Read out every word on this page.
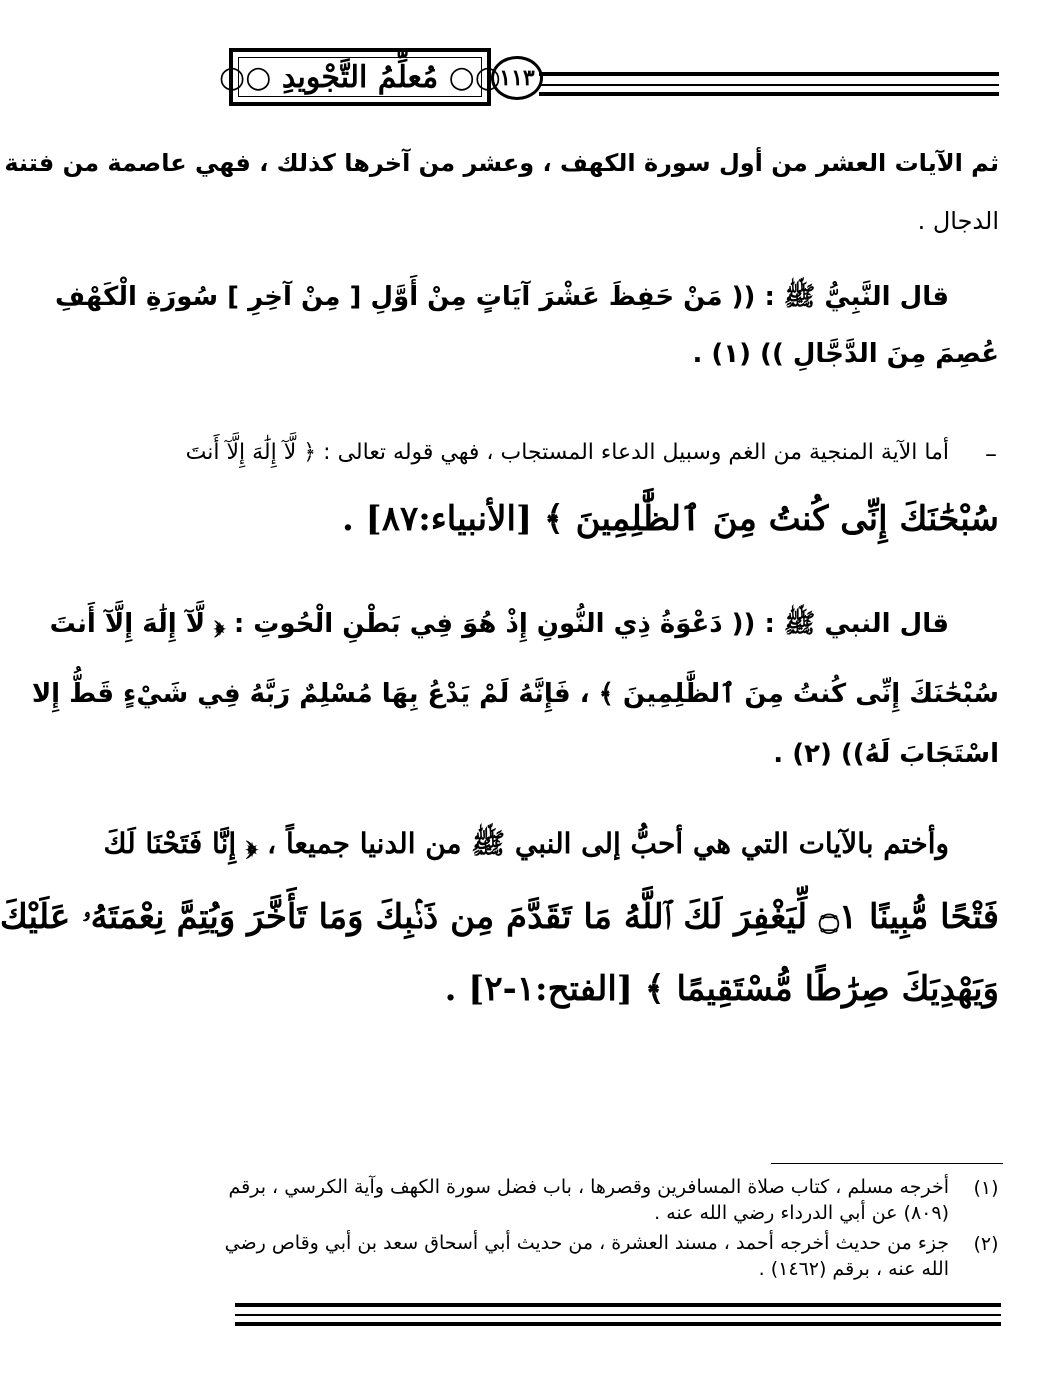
○○ مُعلِّمُ التَّجْويدِ ○○
١١٣
ثم الآيات العشر من أول سورة الكهف ، وعشر من آخرها كذلك ، فهي عاصمة من فتنة
الدجال .
قال النَّبِيُّ ﷺ : (( مَنْ حَفِظَ عَشْرَ آيَاتٍ مِنْ أَوَّلِ [ مِنْ آخِرِ ] سُورَةِ الْكَهْفِ
عُصِمَ مِنَ الدَّجَّالِ )) (١) .
–
أما الآية المنجية من الغم وسبيل الدعاء المستجاب ، فهي قوله تعالى : ﴿ لَّآ إِلَٰهَ إِلَّآ أَنتَ
سُبْحَٰنَكَ إِنِّى كُنتُ مِنَ ٱلظَّٰلِمِينَ ﴾ [الأنبياء:٨٧] .
قال النبي ﷺ : (( دَعْوَةُ ذِي النُّونِ إِذْ هُوَ فِي بَطْنِ الْحُوتِ : ﴿ لَّآ إِلَٰهَ إِلَّآ أَنتَ
سُبْحَٰنَكَ إِنِّى كُنتُ مِنَ ٱلظَّٰلِمِينَ ﴾ ، فَإِنَّهُ لَمْ يَدْعُ بِهَا مُسْلِمٌ رَبَّهُ فِي شَيْءٍ قَطُّ إِلا
اسْتَجَابَ لَهُ)) (٢) .
وأختم بالآيات التي هي أحبُّ إلى النبي ﷺ من الدنيا جميعاً ، ﴿ إِنَّا فَتَحْنَا لَكَ
فَتْحًا مُّبِينًا ۝١ لِّيَغْفِرَ لَكَ ٱللَّهُ مَا تَقَدَّمَ مِن ذَنۢبِكَ وَمَا تَأَخَّرَ وَيُتِمَّ نِعْمَتَهُۥ عَلَيْكَ
وَيَهْدِيَكَ صِرَٰطًا مُّسْتَقِيمًا ﴾ [الفتح:١-٢] .
(١)
أخرجه مسلم ، كتاب صلاة المسافرين وقصرها ، باب فضل سورة الكهف وآية الكرسي ، برقم
(٨٠٩) عن أبي الدرداء رضي الله عنه .
(٢)
جزء من حديث أخرجه أحمد ، مسند العشرة ، من حديث أبي أسحاق سعد بن أبي وقاص رضي
الله عنه ، برقم (١٤٦٢) .
